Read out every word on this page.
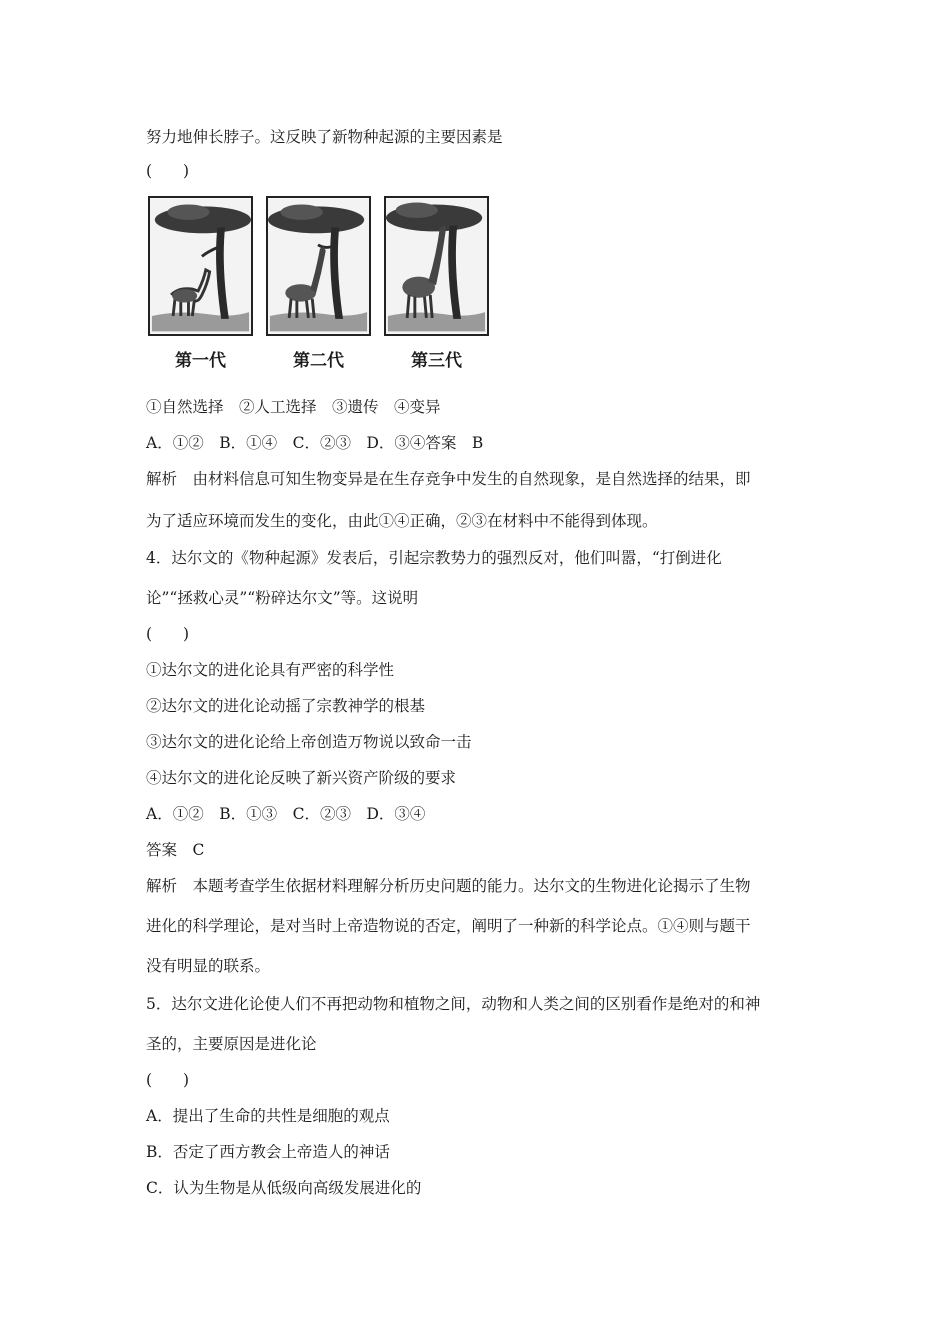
努力地伸长脖子。这反映了新物种起源的主要因素是
(　　)
第一代	第二代	第三代
①自然选择　②人工选择　③遗传　④变异
A．①②　B．①④　C．②③　D．③④答案　B
解析　由材料信息可知生物变异是在生存竞争中发生的自然现象，是自然选择的结果，即
为了适应环境而发生的变化，由此①④正确，②③在材料中不能得到体现。
4．达尔文的《物种起源》发表后，引起宗教势力的强烈反对，他们叫嚣，“打倒进化
论”“拯救心灵”“粉碎达尔文”等。这说明
(　　)
①达尔文的进化论具有严密的科学性
②达尔文的进化论动摇了宗教神学的根基
③达尔文的进化论给上帝创造万物说以致命一击
④达尔文的进化论反映了新兴资产阶级的要求
A．①②　B．①③　C．②③　D．③④
答案　C
解析　本题考查学生依据材料理解分析历史问题的能力。达尔文的生物进化论揭示了生物
进化的科学理论，是对当时上帝造物说的否定，阐明了一种新的科学论点。①④则与题干
没有明显的联系。
5．达尔文进化论使人们不再把动物和植物之间，动物和人类之间的区别看作是绝对的和神
圣的，主要原因是进化论
(　　)
A．提出了生命的共性是细胞的观点
B．否定了西方教会上帝造人的神话
C．认为生物是从低级向高级发展进化的
